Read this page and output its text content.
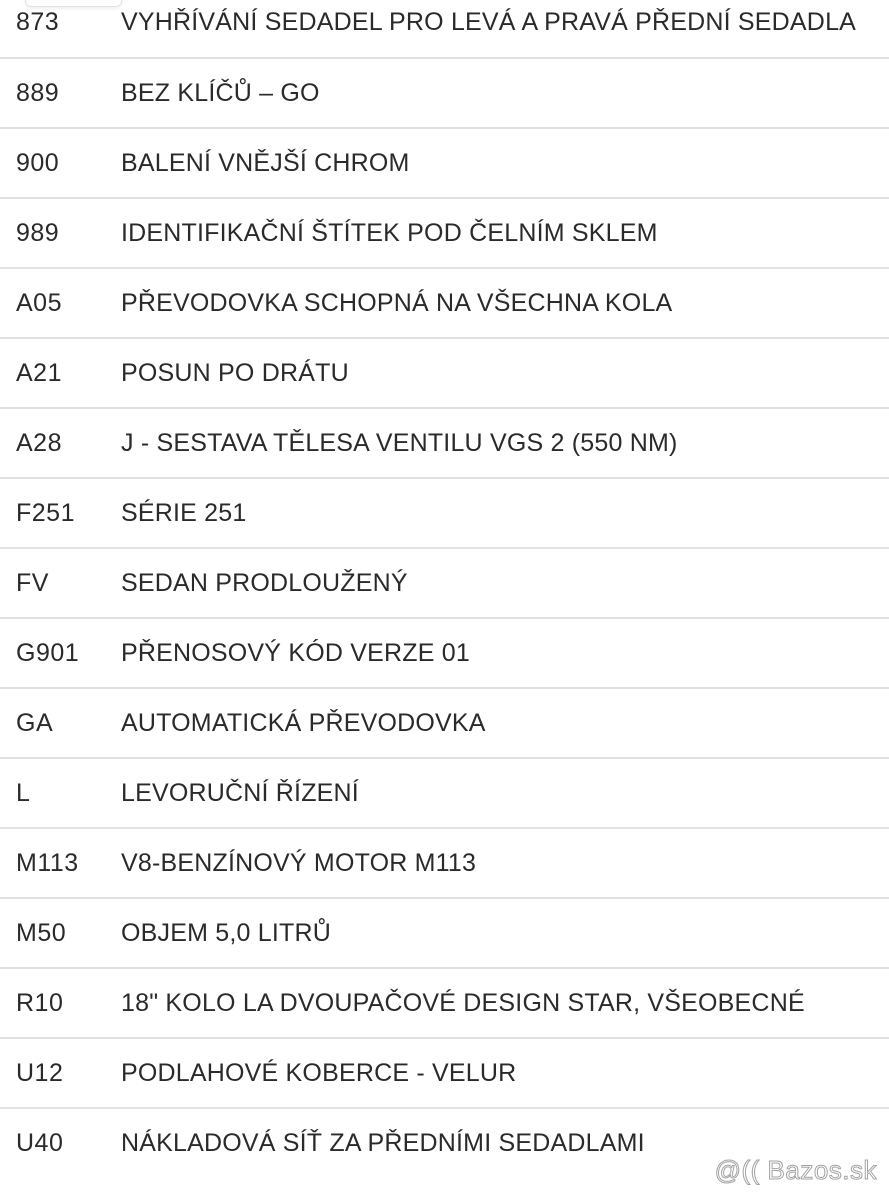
873 VYHŘÍVÁNÍ SEDADEL PRO LEVÁ A PRAVÁ PŘEDNÍ SEDADLA
889 BEZ KLÍČŮ – GO
900 BALENÍ VNĚJŠÍ CHROM
989 IDENTIFIKAČNÍ ŠTÍTEK POD ČELNÍM SKLEM
A05 PŘEVODOVKA SCHOPNÁ NA VŠECHNA KOLA
A21 POSUN PO DRÁTU
A28 J - SESTAVA TĚLESA VENTILU VGS 2 (550 NM)
F251 SÉRIE 251
FV	SEDAN PRODLOUŽENÝ
G901 PŘENOSOVÝ KÓD VERZE 01
GA	AUTOMATICKÁ PŘEVODOVKA
L	LEVORUČNÍ ŘÍZENÍ
M113 V8-BENZÍNOVÝ MOTOR M113
M50 OBJEM 5,0 LITRŮ
R10 18" KOLO LA DVOUPAČOVÉ DESIGN STAR, VŠEOBECNÉ
U12 PODLAHOVÉ KOBERCE - VELUR
U40 NÁKLADOVÁ SÍŤ ZA PŘEDNÍMI SEDADLAMI
@(( Bazos.sk
